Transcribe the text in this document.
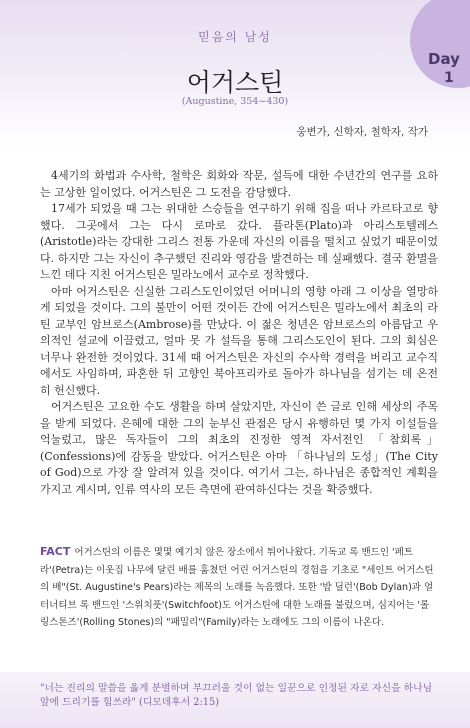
Day
1
믿음의 남성
어거스틴
(Augustine, 354~430)
웅변가, 신학자, 철학자, 작가

4세기의 화법과 수사학, 철학은 회화와 작문, 설득에 대한 수년간의 연구를 요하는 고상한 일이었다. 어거스틴은 그 도전을 감당했다.

17세가 되었을 때 그는 위대한 스승들을 연구하기 위해 집을 떠나 카르타고로 향했다. 그곳에서 그는 다시 로마로 갔다. 플라톤(Plato)과 아리스토텔레스(Aristotle)라는 강대한 그리스 전통 가운데 자신의 이름을 떨치고 싶었기 때문이었다. 하지만 그는 자신이 추구했던 진리와 영감을 발견하는 데 실패했다. 결국 환멸을 느낀 데다 지친 어거스틴은 밀라노에서 교수로 정착했다.

아마 어거스틴은 신실한 그리스도인이었던 어머니의 영향 아래 그 이상을 열망하게 되었을 것이다. 그의 불만이 어떤 것이든 간에 어거스틴은 밀라노에서 최초의 라틴 교부인 암브로스(Ambrose)를 만났다. 이 젊은 청년은 암브로스의 아름답고 우의적인 설교에 이끌렸고, 얼마 못 가 설득을 통해 그리스도인이 된다. 그의 회심은 너무나 완전한 것이었다. 31세 때 어거스틴은 자신의 수사학 경력을 버리고 교수직에서도 사임하며, 파혼한 뒤 고향인 북아프리카로 돌아가 하나님을 섬기는 데 온전히 헌신했다.

어거스틴은 고요한 수도 생활을 하며 살았지만, 자신이 쓴 글로 인해 세상의 주목을 받게 되었다. 은혜에 대한 그의 눈부신 관점은 당시 유행하던 몇 가지 이설들을 억눌렀고, 많은 독자들이 그의 최초의 진정한 영적 자서전인 「참회록」(Confessions)에 감동을 받았다. 어거스틴은 아마 「하나님의 도성」(The City of God)으로 가장 잘 알려져 있을 것이다. 여기서 그는, 하나님은 종합적인 계획을 가지고 계시며, 인류 역사의 모든 측면에 관여하신다는 것을 확증했다.

FACT 어거스틴의 이름은 몇몇 예기치 않은 장소에서 튀어나왔다. 기독교 록 밴드인 '페트라'(Petra)는 이웃집 나무에 달린 배를 훔쳤던 어린 어거스틴의 경험을 기초로 "세인트 어거스틴의 배"(St. Augustine's Pears)라는 제목의 노래를 녹음했다. 또한 '밥 딜런'(Bob Dylan)과 얼터너티브 록 밴드인 '스위치풋'(Switchfoot)도 어거스틴에 대한 노래를 불렀으며, 심지어는 '롤링스톤즈'(Rolling Stones)의 "패밀리"(Family)라는 노래에도 그의 이름이 나온다.
"너는 진리의 말씀을 옳게 분별하며 부끄러울 것이 없는 일꾼으로 인정된 자로 자신을 하나님 앞에 드리기를 힘쓰라" (디모데후서 2:15)
